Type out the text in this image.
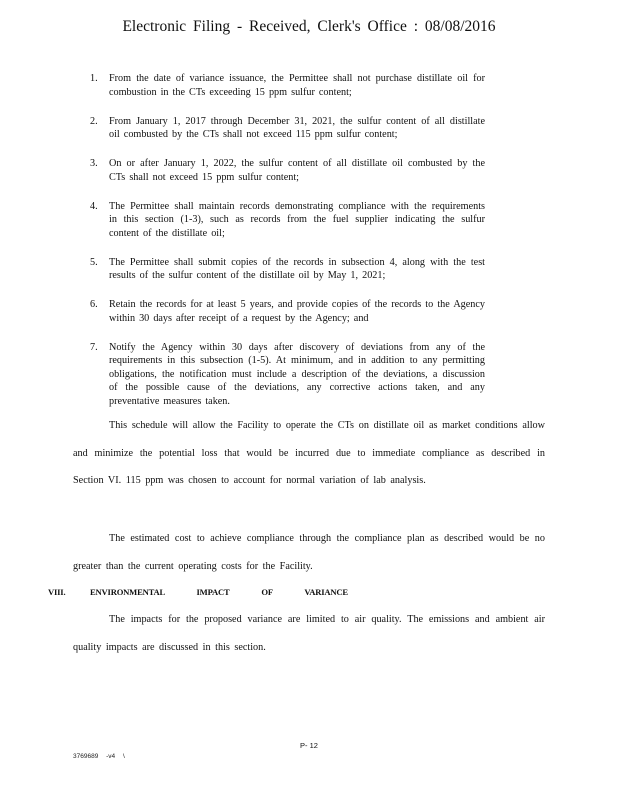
Electronic Filing - Received, Clerk's Office : 08/08/2016
1. From the date of variance issuance, the Permittee shall not purchase distillate oil for combustion in the CTs exceeding 15 ppm sulfur content;
2. From January 1, 2017 through December 31, 2021, the sulfur content of all distillate oil combusted by the CTs shall not exceed 115 ppm sulfur content;
3. On or after January 1, 2022, the sulfur content of all distillate oil combusted by the CTs shall not exceed 15 ppm sulfur content;
4. The Permittee shall maintain records demonstrating compliance with the requirements in this section (1-3), such as records from the fuel supplier indicating the sulfur content of the distillate oil;
5. The Permittee shall submit copies of the records in subsection 4, along with the test results of the sulfur content of the distillate oil by May 1, 2021;
6. Retain the records for at least 5 years, and provide copies of the records to the Agency within 30 days after receipt of a request by the Agency; and
7. Notify the Agency within 30 days after discovery of deviations from any of the requirements in this subsection (1-5). At minimum, and in addition to any permitting obligations, the notification must include a description of the deviations, a discussion of the possible cause of the deviations, any corrective actions taken, and any preventative measures taken.

This schedule will allow the Facility to operate the CTs on distillate oil as market conditions allow and minimize the potential loss that would be incurred due to immediate compliance as described in Section VI. 115 ppm was chosen to account for normal variation of lab analysis.

The estimated cost to achieve compliance through the compliance plan as described would be no greater than the current operating costs for the Facility.

VIII.	ENVIRONMENTAL IMPACT OF VARIANCE

The impacts for the proposed variance are limited to air quality. The emissions and ambient air quality impacts are discussed in this section.

P- 12
3769689 -v4 \
